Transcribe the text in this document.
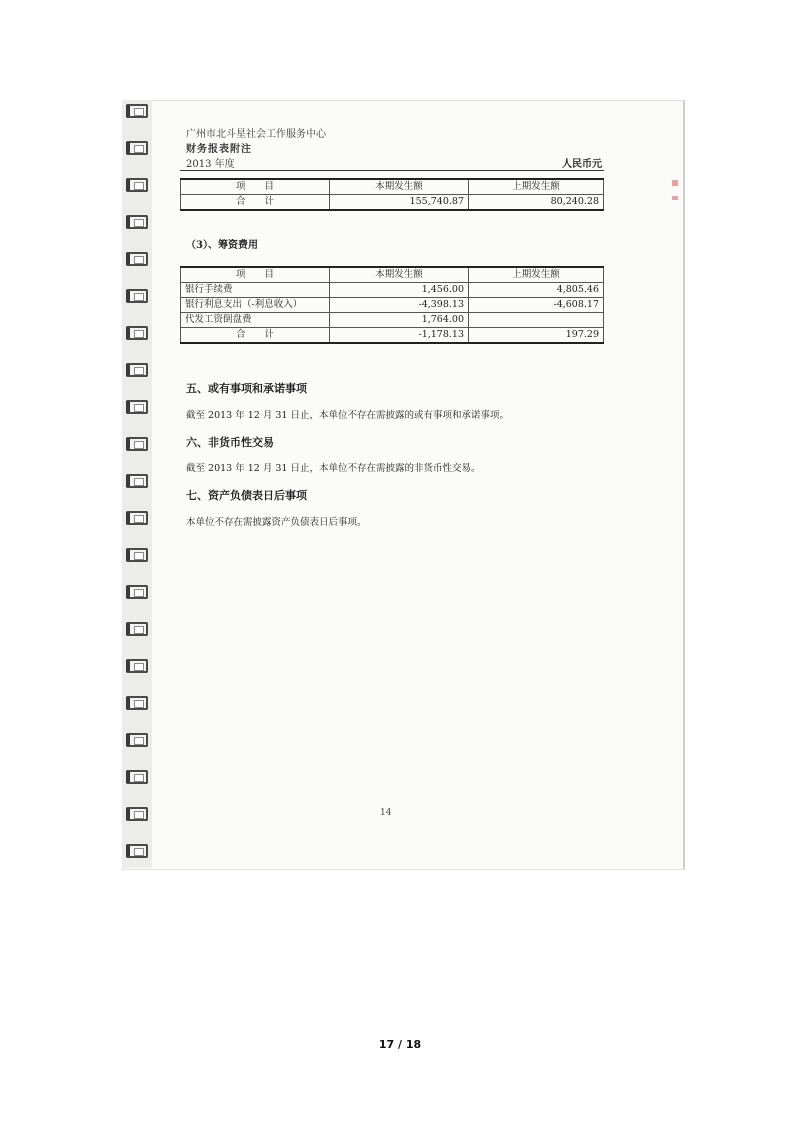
广州市北斗星社会工作服务中心
财务报表附注
2013 年度	人民币元
项　　目	本期发生额	上期发生额
合　　计	155,740.87	80,240.28
（3）、筹资费用
项　　目	本期发生额	上期发生额
银行手续费	1,456.00	4,805.46
银行利息支出（-利息收入）	-4,398.13	-4,608.17
代发工资倒盘费	1,764.00	
合　　计	-1,178.13	197.29
五、或有事项和承诺事项
截至 2013 年 12 月 31 日止，本单位不存在需披露的或有事项和承诺事项。
六、非货币性交易
截至 2013 年 12 月 31 日止，本单位不存在需披露的非货币性交易。
七、资产负债表日后事项
本单位不存在需披露资产负债表日后事项。
14
17 / 18
